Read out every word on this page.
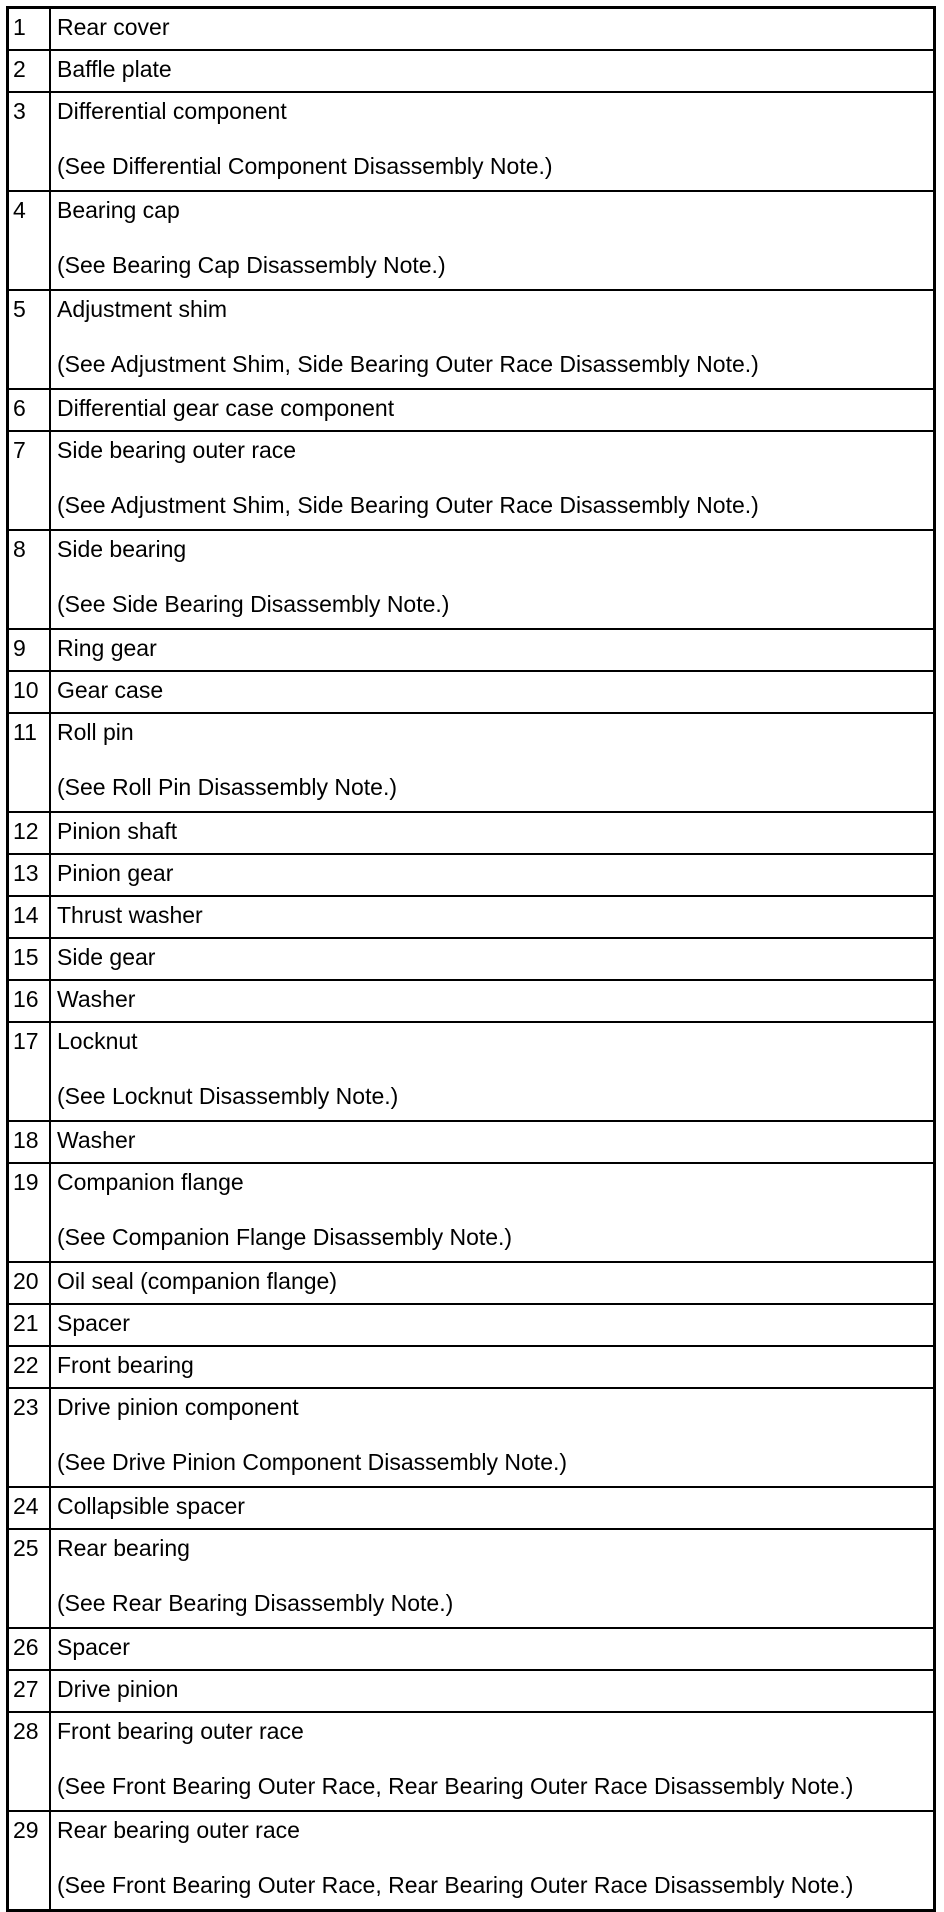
1	Rear cover

2	Baffle plate

3	Differential component
(See Differential Component Disassembly Note.)

4	Bearing cap
(See Bearing Cap Disassembly Note.)

5	Adjustment shim
(See Adjustment Shim, Side Bearing Outer Race Disassembly Note.)

6	Differential gear case component

7	Side bearing outer race
(See Adjustment Shim, Side Bearing Outer Race Disassembly Note.)

8	Side bearing
(See Side Bearing Disassembly Note.)

9	Ring gear

10	Gear case

11	Roll pin
(See Roll Pin Disassembly Note.)

12	Pinion shaft

13	Pinion gear

14	Thrust washer

15	Side gear

16	Washer

17	Locknut
(See Locknut Disassembly Note.)

18	Washer

19	Companion flange
(See Companion Flange Disassembly Note.)

20	Oil seal (companion flange)

21	Spacer

22	Front bearing

23	Drive pinion component
(See Drive Pinion Component Disassembly Note.)

24	Collapsible spacer

25	Rear bearing
(See Rear Bearing Disassembly Note.)

26	Spacer

27	Drive pinion

28	Front bearing outer race
(See Front Bearing Outer Race, Rear Bearing Outer Race Disassembly Note.)

29	Rear bearing outer race
(See Front Bearing Outer Race, Rear Bearing Outer Race Disassembly Note.)
